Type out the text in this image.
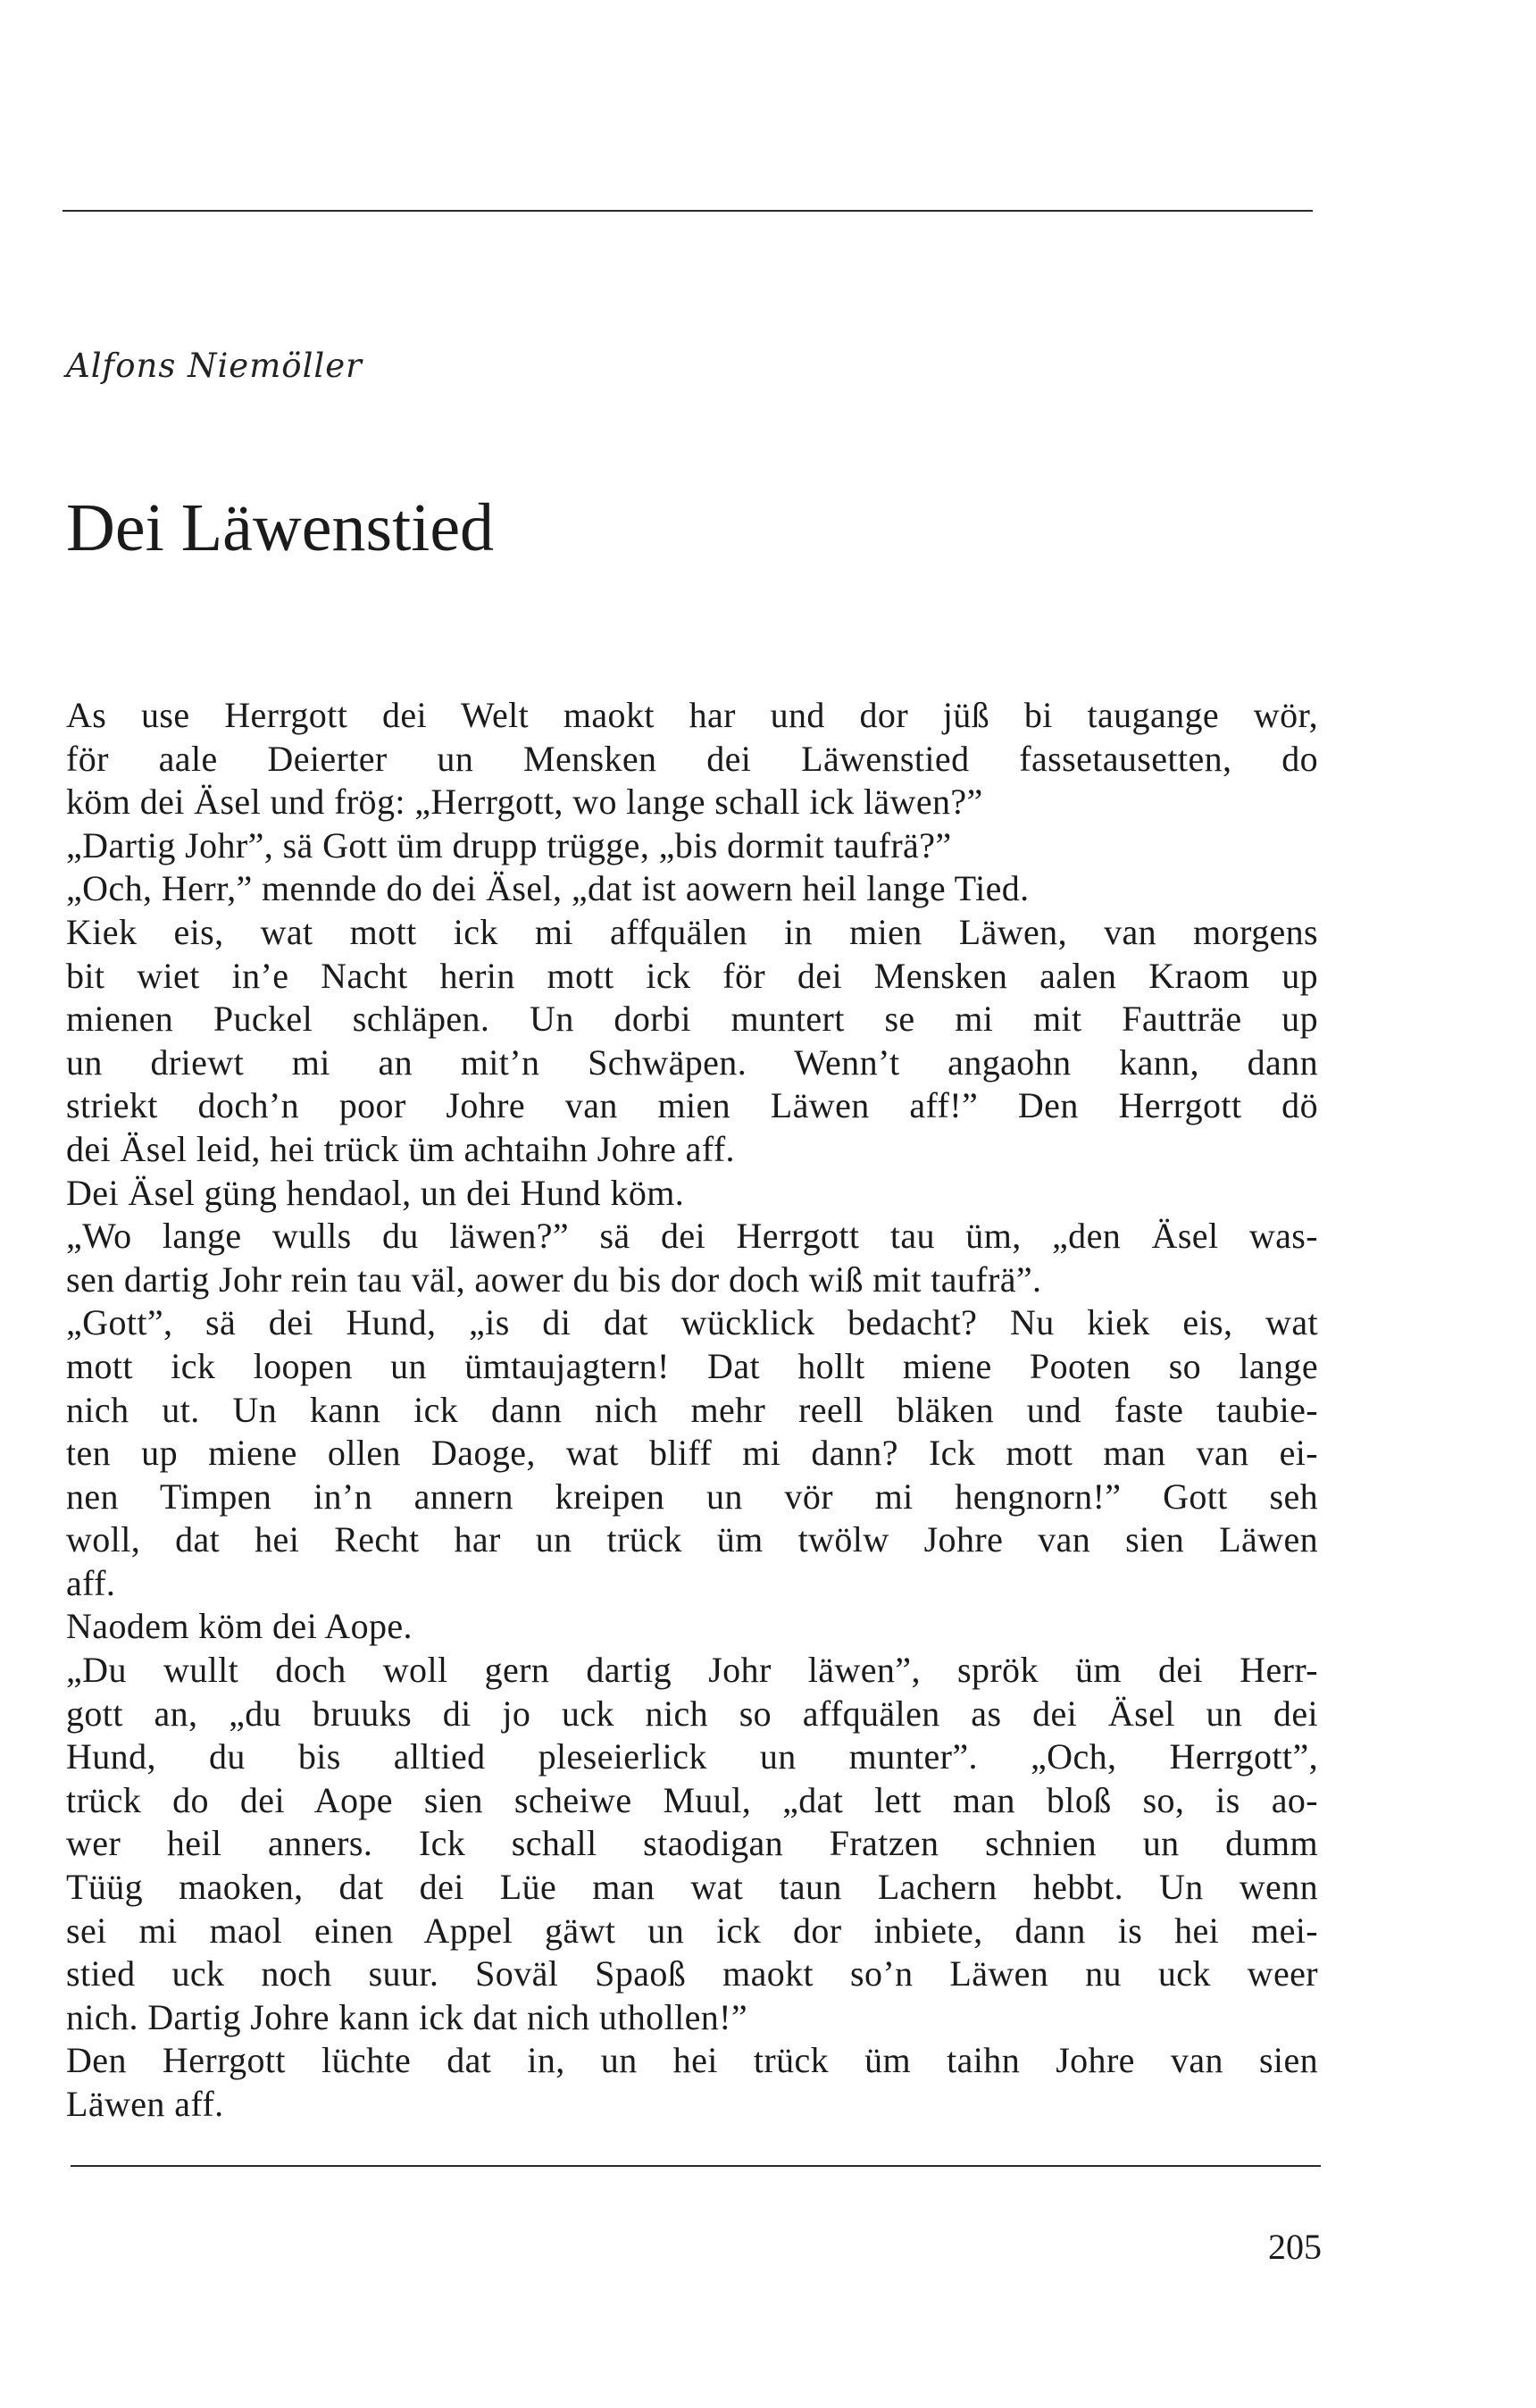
Alfons Niemöller
Dei Läwenstied
As use Herrgott dei Welt maokt har und dor jüß bi taugange wör,
för aale Deierter un Mensken dei Läwenstied fassetausetten, do
köm dei Äsel und frög: „Herrgott, wo lange schall ick läwen?”
„Dartig Johr”, sä Gott üm drupp trügge, „bis dormit taufrä?”
„Och, Herr,” mennde do dei Äsel, „dat ist aowern heil lange Tied.
Kiek eis, wat mott ick mi affquälen in mien Läwen, van morgens
bit wiet in’e Nacht herin mott ick för dei Mensken aalen Kraom up
mienen Puckel schläpen. Un dorbi muntert se mi mit Fautträe up
un driewt mi an mit’n Schwäpen. Wenn’t angaohn kann, dann
striekt doch’n poor Johre van mien Läwen aff!” Den Herrgott dö
dei Äsel leid, hei trück üm achtaihn Johre aff.
Dei Äsel güng hendaol, un dei Hund köm.
„Wo lange wulls du läwen?” sä dei Herrgott tau üm, „den Äsel was-
sen dartig Johr rein tau väl, aower du bis dor doch wiß mit taufrä”.
„Gott”, sä dei Hund, „is di dat wücklick bedacht? Nu kiek eis, wat
mott ick loopen un ümtaujagtern! Dat hollt miene Pooten so lange
nich ut. Un kann ick dann nich mehr reell bläken und faste taubie-
ten up miene ollen Daoge, wat bliff mi dann? Ick mott man van ei-
nen Timpen in’n annern kreipen un vör mi hengnorn!” Gott seh
woll, dat hei Recht har un trück üm twölw Johre van sien Läwen
aff.
Naodem köm dei Aope.
„Du wullt doch woll gern dartig Johr läwen”, sprök üm dei Herr-
gott an, „du bruuks di jo uck nich so affquälen as dei Äsel un dei
Hund, du bis alltied pleseierlick un munter”. „Och, Herrgott”,
trück do dei Aope sien scheiwe Muul, „dat lett man bloß so, is ao-
wer heil anners. Ick schall staodigan Fratzen schnien un dumm
Tüüg maoken, dat dei Lüe man wat taun Lachern hebbt. Un wenn
sei mi maol einen Appel gäwt un ick dor inbiete, dann is hei mei-
stied uck noch suur. Soväl Spaoß maokt so’n Läwen nu uck weer
nich. Dartig Johre kann ick dat nich uthollen!”
Den Herrgott lüchte dat in, un hei trück üm taihn Johre van sien
Läwen aff.
205
